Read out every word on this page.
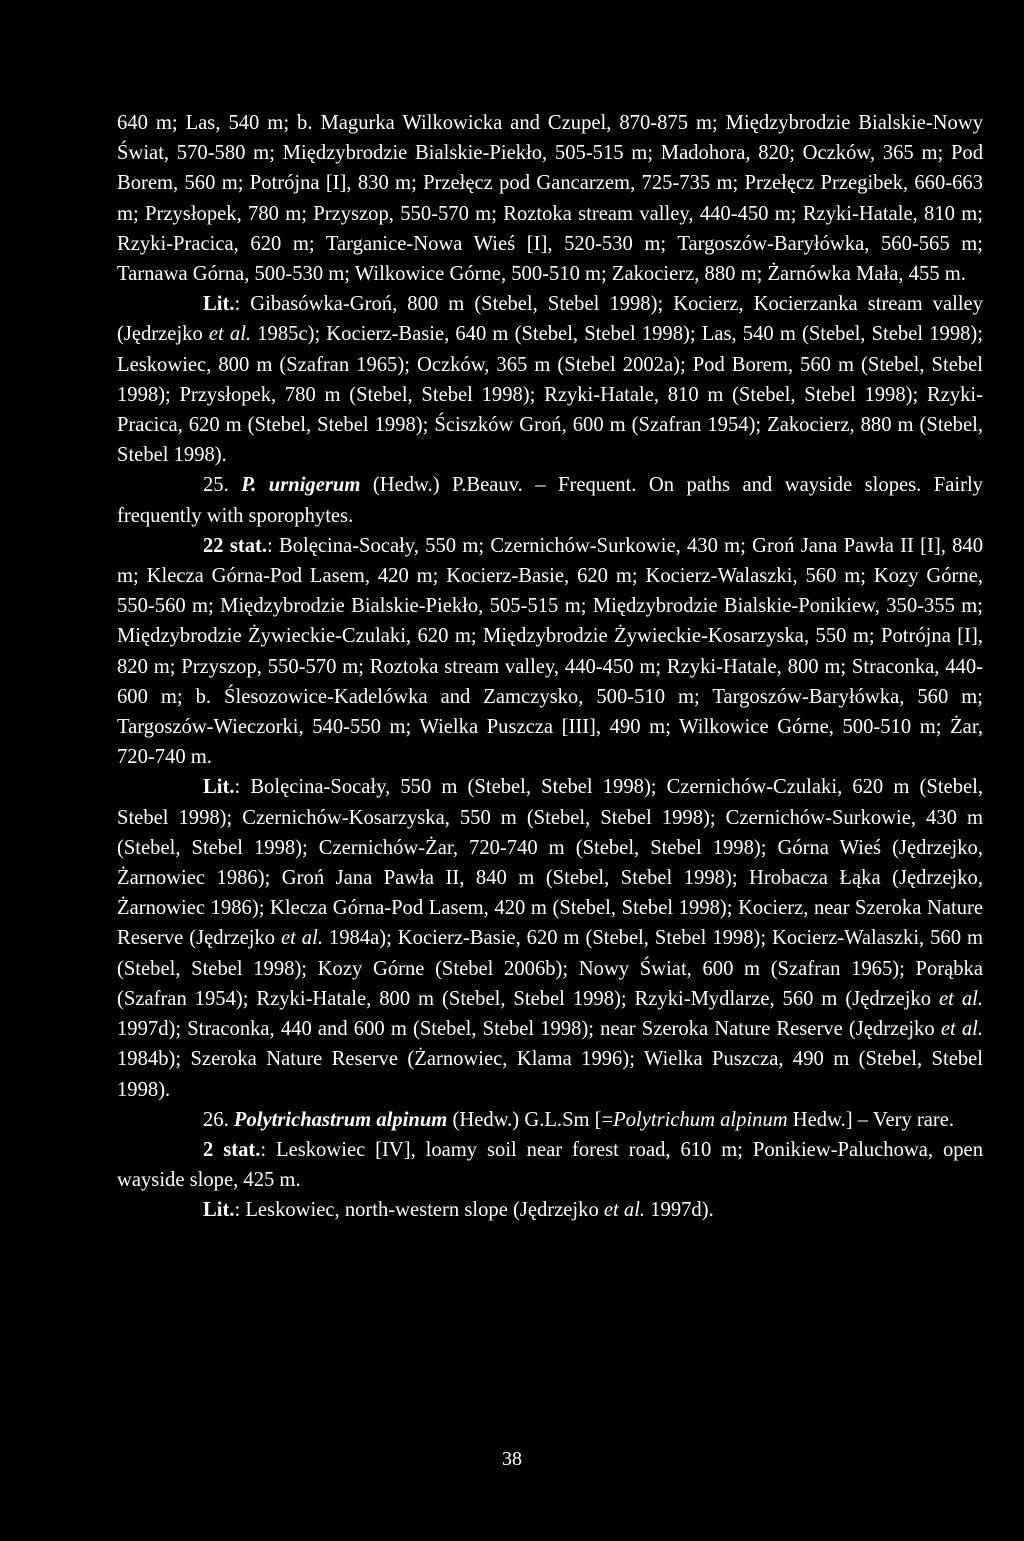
640 m; Las, 540 m; b. Magurka Wilkowicka and Czupel, 870-875 m; Międzybrodzie Bialskie-Nowy Świat, 570-580 m; Międzybrodzie Bialskie-Piekło, 505-515 m; Madohora, 820; Oczków, 365 m; Pod Borem, 560 m; Potrójna [I], 830 m; Przełęcz pod Gancarzem, 725-735 m; Przełęcz Przegibek, 660-663 m; Przysłopek, 780 m; Przyszop, 550-570 m; Roztoka stream valley, 440-450 m; Rzyki-Hatale, 810 m; Rzyki-Pracica, 620 m; Targanice-Nowa Wieś [I], 520-530 m; Targoszów-Baryłówka, 560-565 m; Tarnawa Górna, 500-530 m; Wilkowice Górne, 500-510 m; Zakocierz, 880 m; Żarnówka Mała, 455 m.

Lit.: Gibasówka-Groń, 800 m (Stebel, Stebel 1998); Kocierz, Kocierzanka stream valley (Jędrzejko et al. 1985c); Kocierz-Basie, 640 m (Stebel, Stebel 1998); Las, 540 m (Stebel, Stebel 1998); Leskowiec, 800 m (Szafran 1965); Oczków, 365 m (Stebel 2002a); Pod Borem, 560 m (Stebel, Stebel 1998); Przysłopek, 780 m (Stebel, Stebel 1998); Rzyki-Hatale, 810 m (Stebel, Stebel 1998); Rzyki-Pracica, 620 m (Stebel, Stebel 1998); Ściszków Groń, 600 m (Szafran 1954); Zakocierz, 880 m (Stebel, Stebel 1998).

25. P. urnigerum (Hedw.) P.Beauv. – Frequent. On paths and wayside slopes. Fairly frequently with sporophytes.

22 stat.: Bolęcina-Socały, 550 m; Czernichów-Surkowie, 430 m; Groń Jana Pawła II [I], 840 m; Klecza Górna-Pod Lasem, 420 m; Kocierz-Basie, 620 m; Kocierz-Walaszki, 560 m; Kozy Górne, 550-560 m; Międzybrodzie Bialskie-Piekło, 505-515 m; Międzybrodzie Bialskie-Ponikiew, 350-355 m; Międzybrodzie Żywieckie-Czulaki, 620 m; Międzybrodzie Żywieckie-Kosarzyska, 550 m; Potrójna [I], 820 m; Przyszop, 550-570 m; Roztoka stream valley, 440-450 m; Rzyki-Hatale, 800 m; Straconka, 440-600 m; b. Ślesozowice-Kadelówka and Zamczysko, 500-510 m; Targoszów-Baryłówka, 560 m; Targoszów-Wieczorki, 540-550 m; Wielka Puszcza [III], 490 m; Wilkowice Górne, 500-510 m; Żar, 720-740 m.

Lit.: Bolęcina-Socały, 550 m (Stebel, Stebel 1998); Czernichów-Czulaki, 620 m (Stebel, Stebel 1998); Czernichów-Kosarzyska, 550 m (Stebel, Stebel 1998); Czernichów-Surkowie, 430 m (Stebel, Stebel 1998); Czernichów-Żar, 720-740 m (Stebel, Stebel 1998); Górna Wieś (Jędrzejko, Żarnowiec 1986); Groń Jana Pawła II, 840 m (Stebel, Stebel 1998); Hrobacza Łąka (Jędrzejko, Żarnowiec 1986); Klecza Górna-Pod Lasem, 420 m (Stebel, Stebel 1998); Kocierz, near Szeroka Nature Reserve (Jędrzejko et al. 1984a); Kocierz-Basie, 620 m (Stebel, Stebel 1998); Kocierz-Walaszki, 560 m (Stebel, Stebel 1998); Kozy Górne (Stebel 2006b); Nowy Świat, 600 m (Szafran 1965); Porąbka (Szafran 1954); Rzyki-Hatale, 800 m (Stebel, Stebel 1998); Rzyki-Mydlarze, 560 m (Jędrzejko et al. 1997d); Straconka, 440 and 600 m (Stebel, Stebel 1998); near Szeroka Nature Reserve (Jędrzejko et al. 1984b); Szeroka Nature Reserve (Żarnowiec, Klama 1996); Wielka Puszcza, 490 m (Stebel, Stebel 1998).

26. Polytrichastrum alpinum (Hedw.) G.L.Sm [=Polytrichum alpinum Hedw.] – Very rare.

2 stat.: Leskowiec [IV], loamy soil near forest road, 610 m; Ponikiew-Paluchowa, open wayside slope, 425 m.

Lit.: Leskowiec, north-western slope (Jędrzejko et al. 1997d).

38
